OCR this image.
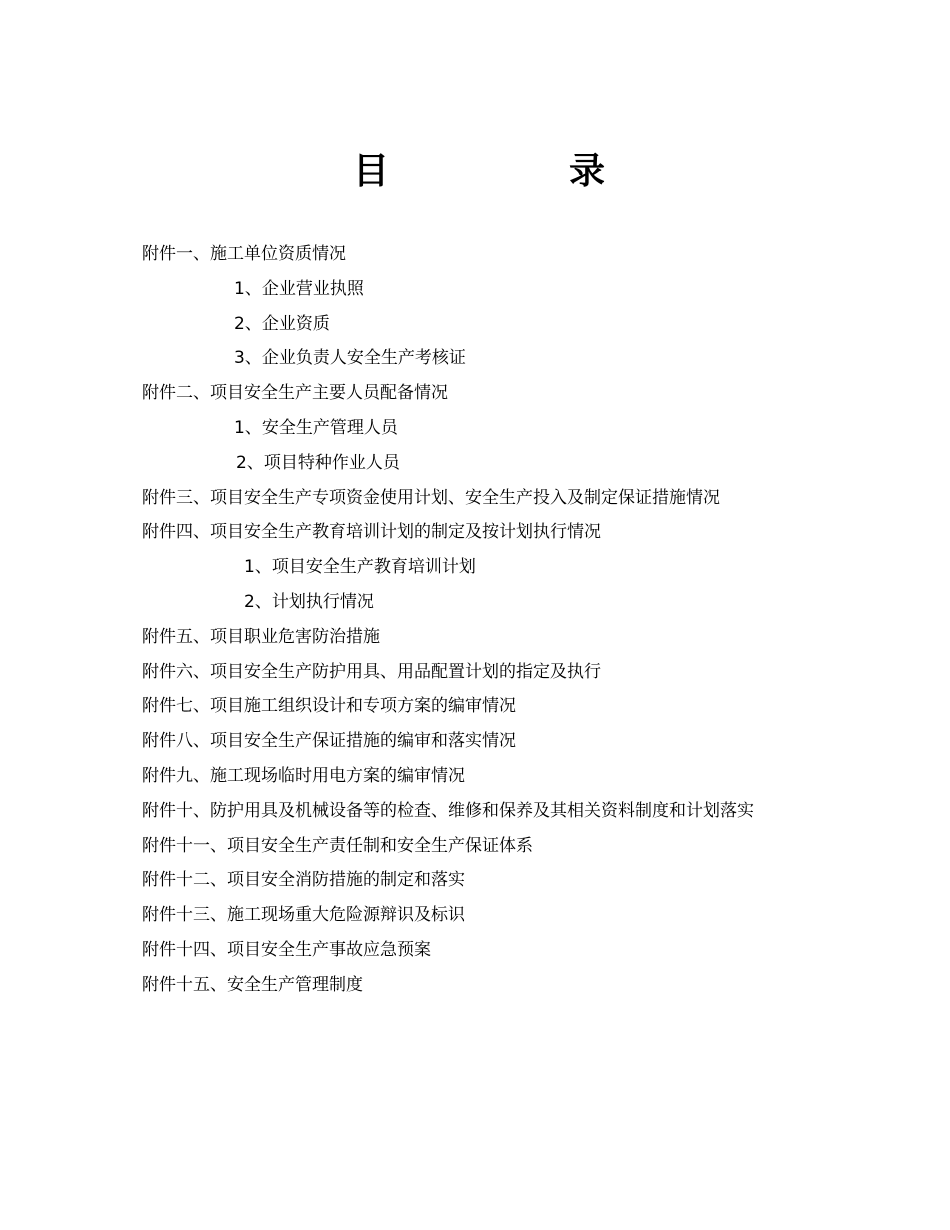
目　录
附件一、施工单位资质情况
1、企业营业执照
2、企业资质
3、企业负责人安全生产考核证
附件二、项目安全生产主要人员配备情况
1、安全生产管理人员
2、项目特种作业人员
附件三、项目安全生产专项资金使用计划、安全生产投入及制定保证措施情况
附件四、项目安全生产教育培训计划的制定及按计划执行情况
1、项目安全生产教育培训计划
2、计划执行情况
附件五、项目职业危害防治措施
附件六、项目安全生产防护用具、用品配置计划的指定及执行
附件七、项目施工组织设计和专项方案的编审情况
附件八、项目安全生产保证措施的编审和落实情况
附件九、施工现场临时用电方案的编审情况
附件十、防护用具及机械设备等的检查、维修和保养及其相关资料制度和计划落实
附件十一、项目安全生产责任制和安全生产保证体系
附件十二、项目安全消防措施的制定和落实
附件十三、施工现场重大危险源辩识及标识
附件十四、项目安全生产事故应急预案
附件十五、安全生产管理制度
